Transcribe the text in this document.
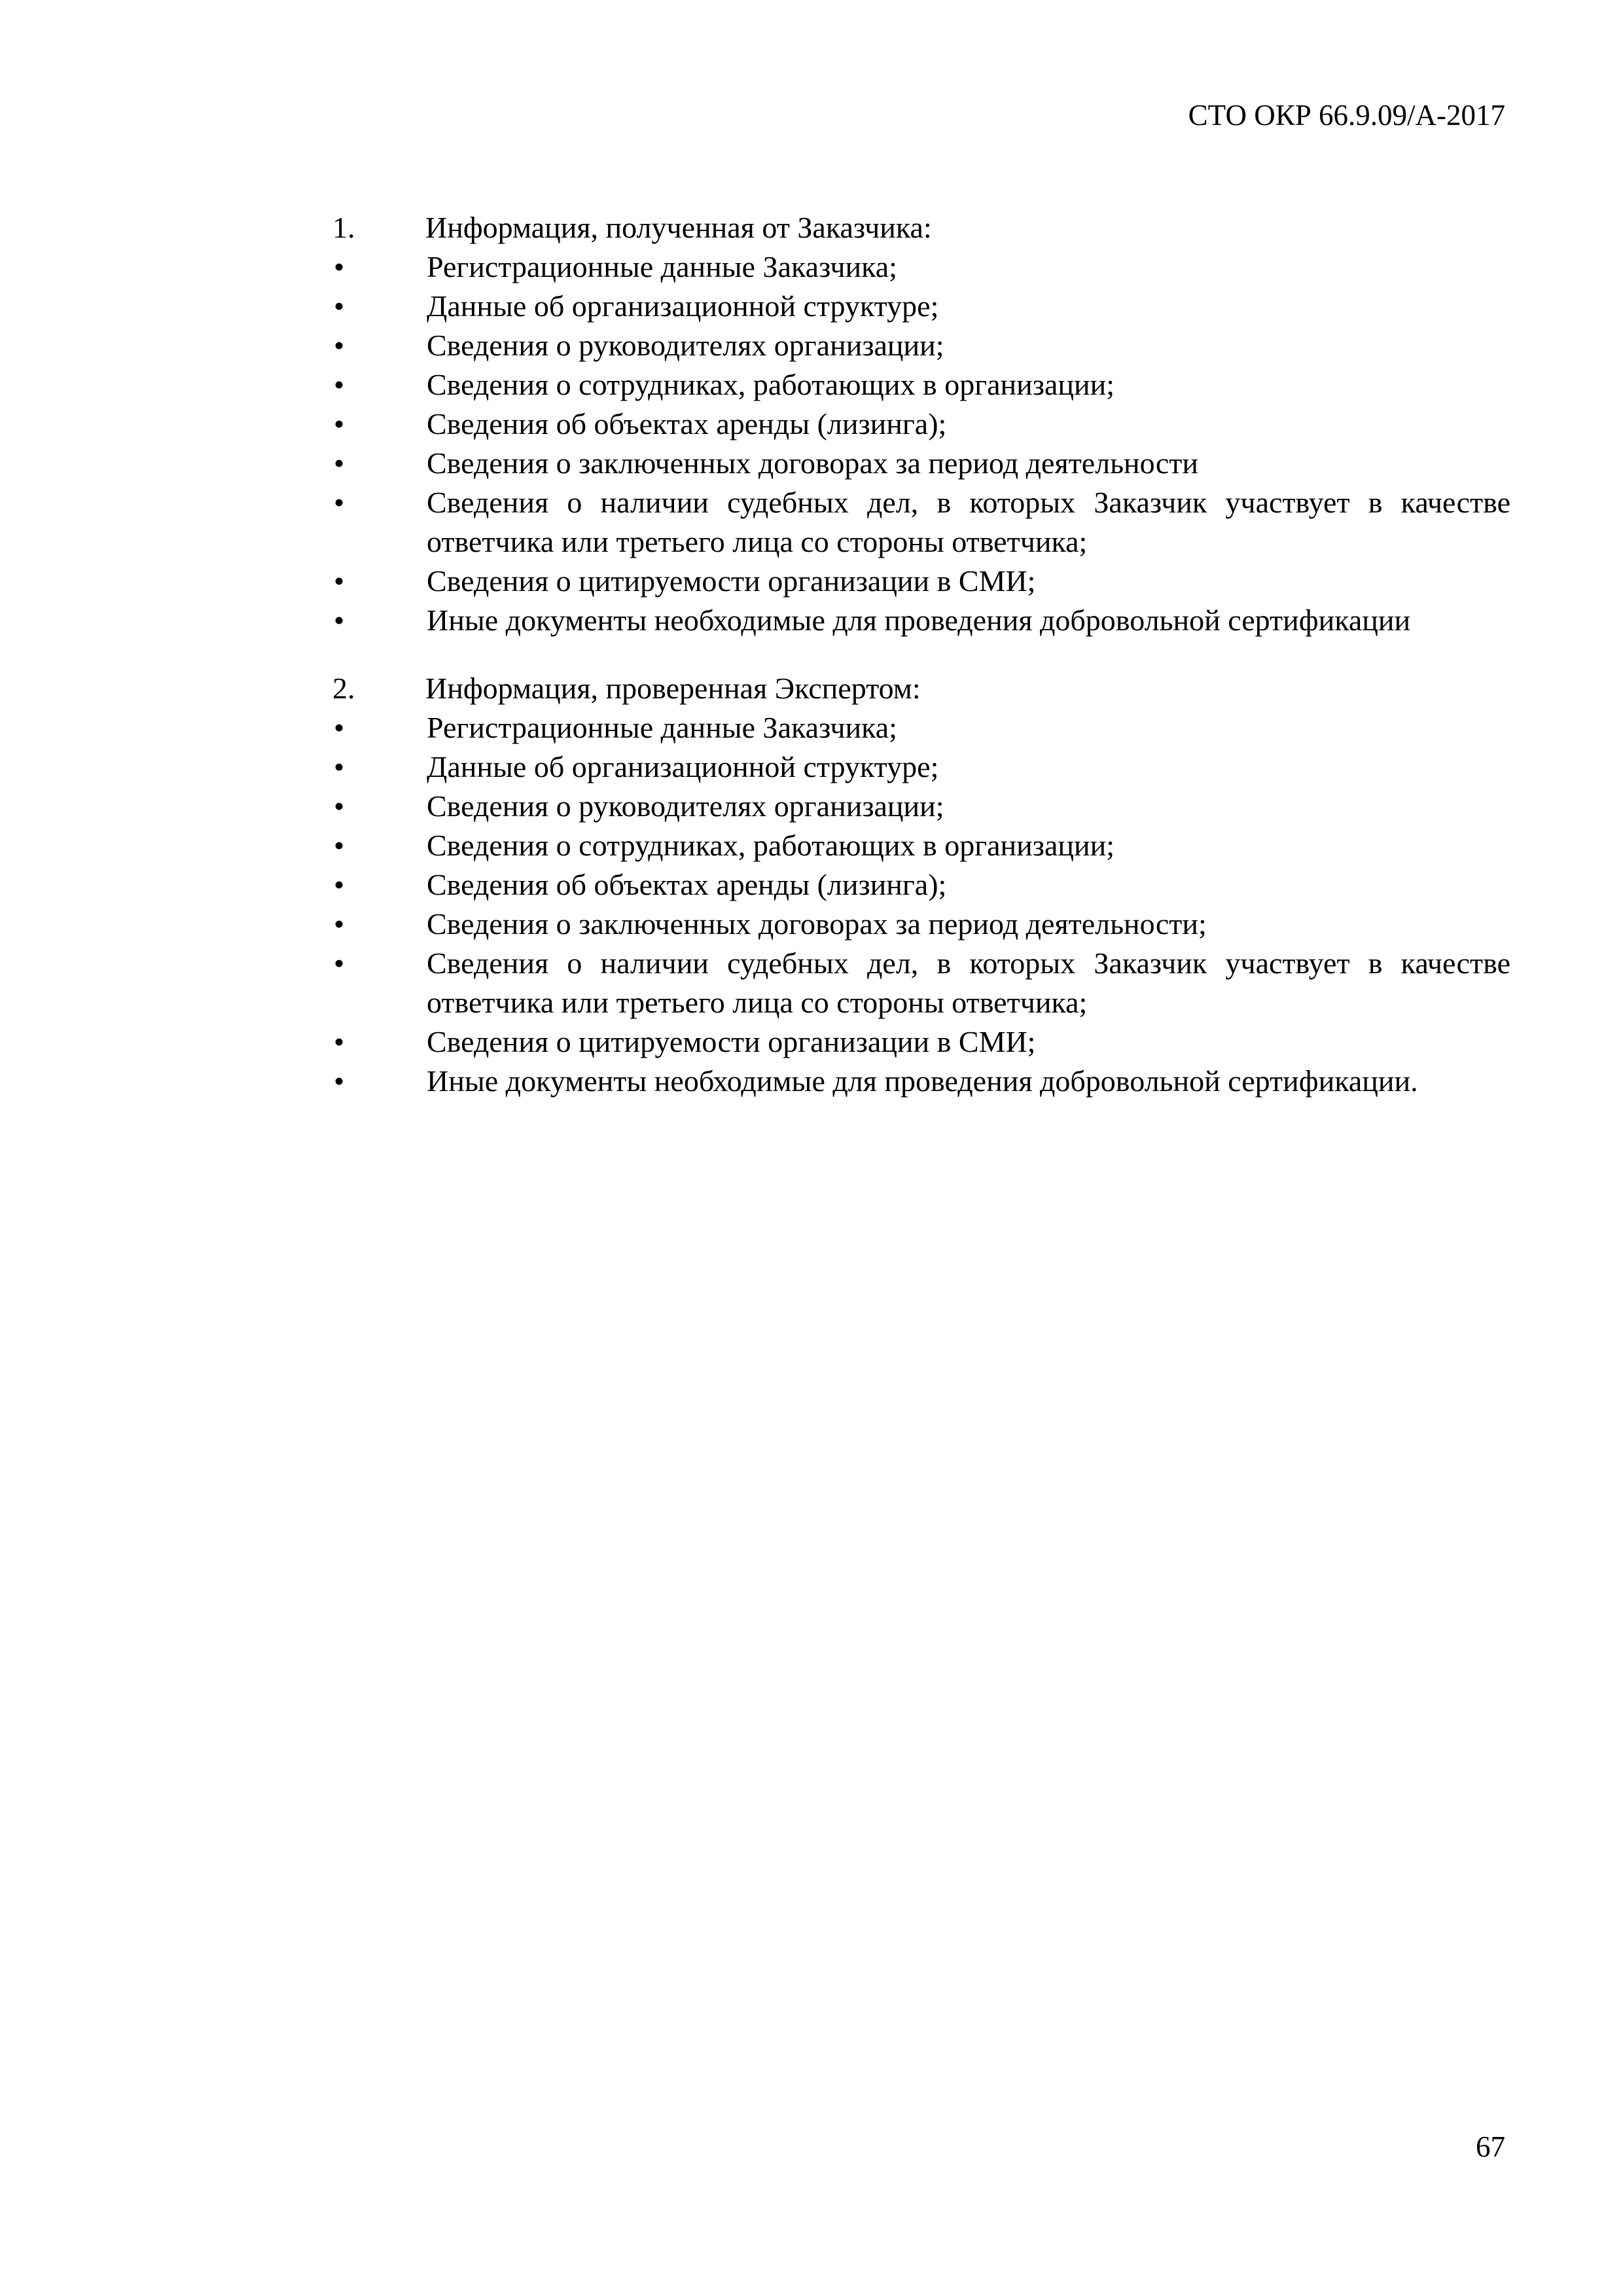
СТО ОКР 66.9.09/А-2017
1.	Информация, полученная от Заказчика:
•	Регистрационные данные Заказчика;
•	Данные об организационной структуре;
•	Сведения о руководителях организации;
•	Сведения о сотрудниках, работающих в организации;
•	Сведения об объектах аренды (лизинга);
•	Сведения о заключенных договорах за период деятельности
•	Сведения о наличии судебных дел, в которых Заказчик участвует в качестве ответчика или третьего лица со стороны ответчика;
•	Сведения о цитируемости организации в СМИ;
•	Иные документы необходимые для проведения добровольной сертификации
2.	Информация, проверенная Экспертом:
•	Регистрационные данные Заказчика;
•	Данные об организационной структуре;
•	Сведения о руководителях организации;
•	Сведения о сотрудниках, работающих в организации;
•	Сведения об объектах аренды (лизинга);
•	Сведения о заключенных договорах за период деятельности;
•	Сведения о наличии судебных дел, в которых Заказчик участвует в качестве ответчика или третьего лица со стороны ответчика;
•	Сведения о цитируемости организации в СМИ;
•	Иные документы необходимые для проведения добровольной сертификации.
67
